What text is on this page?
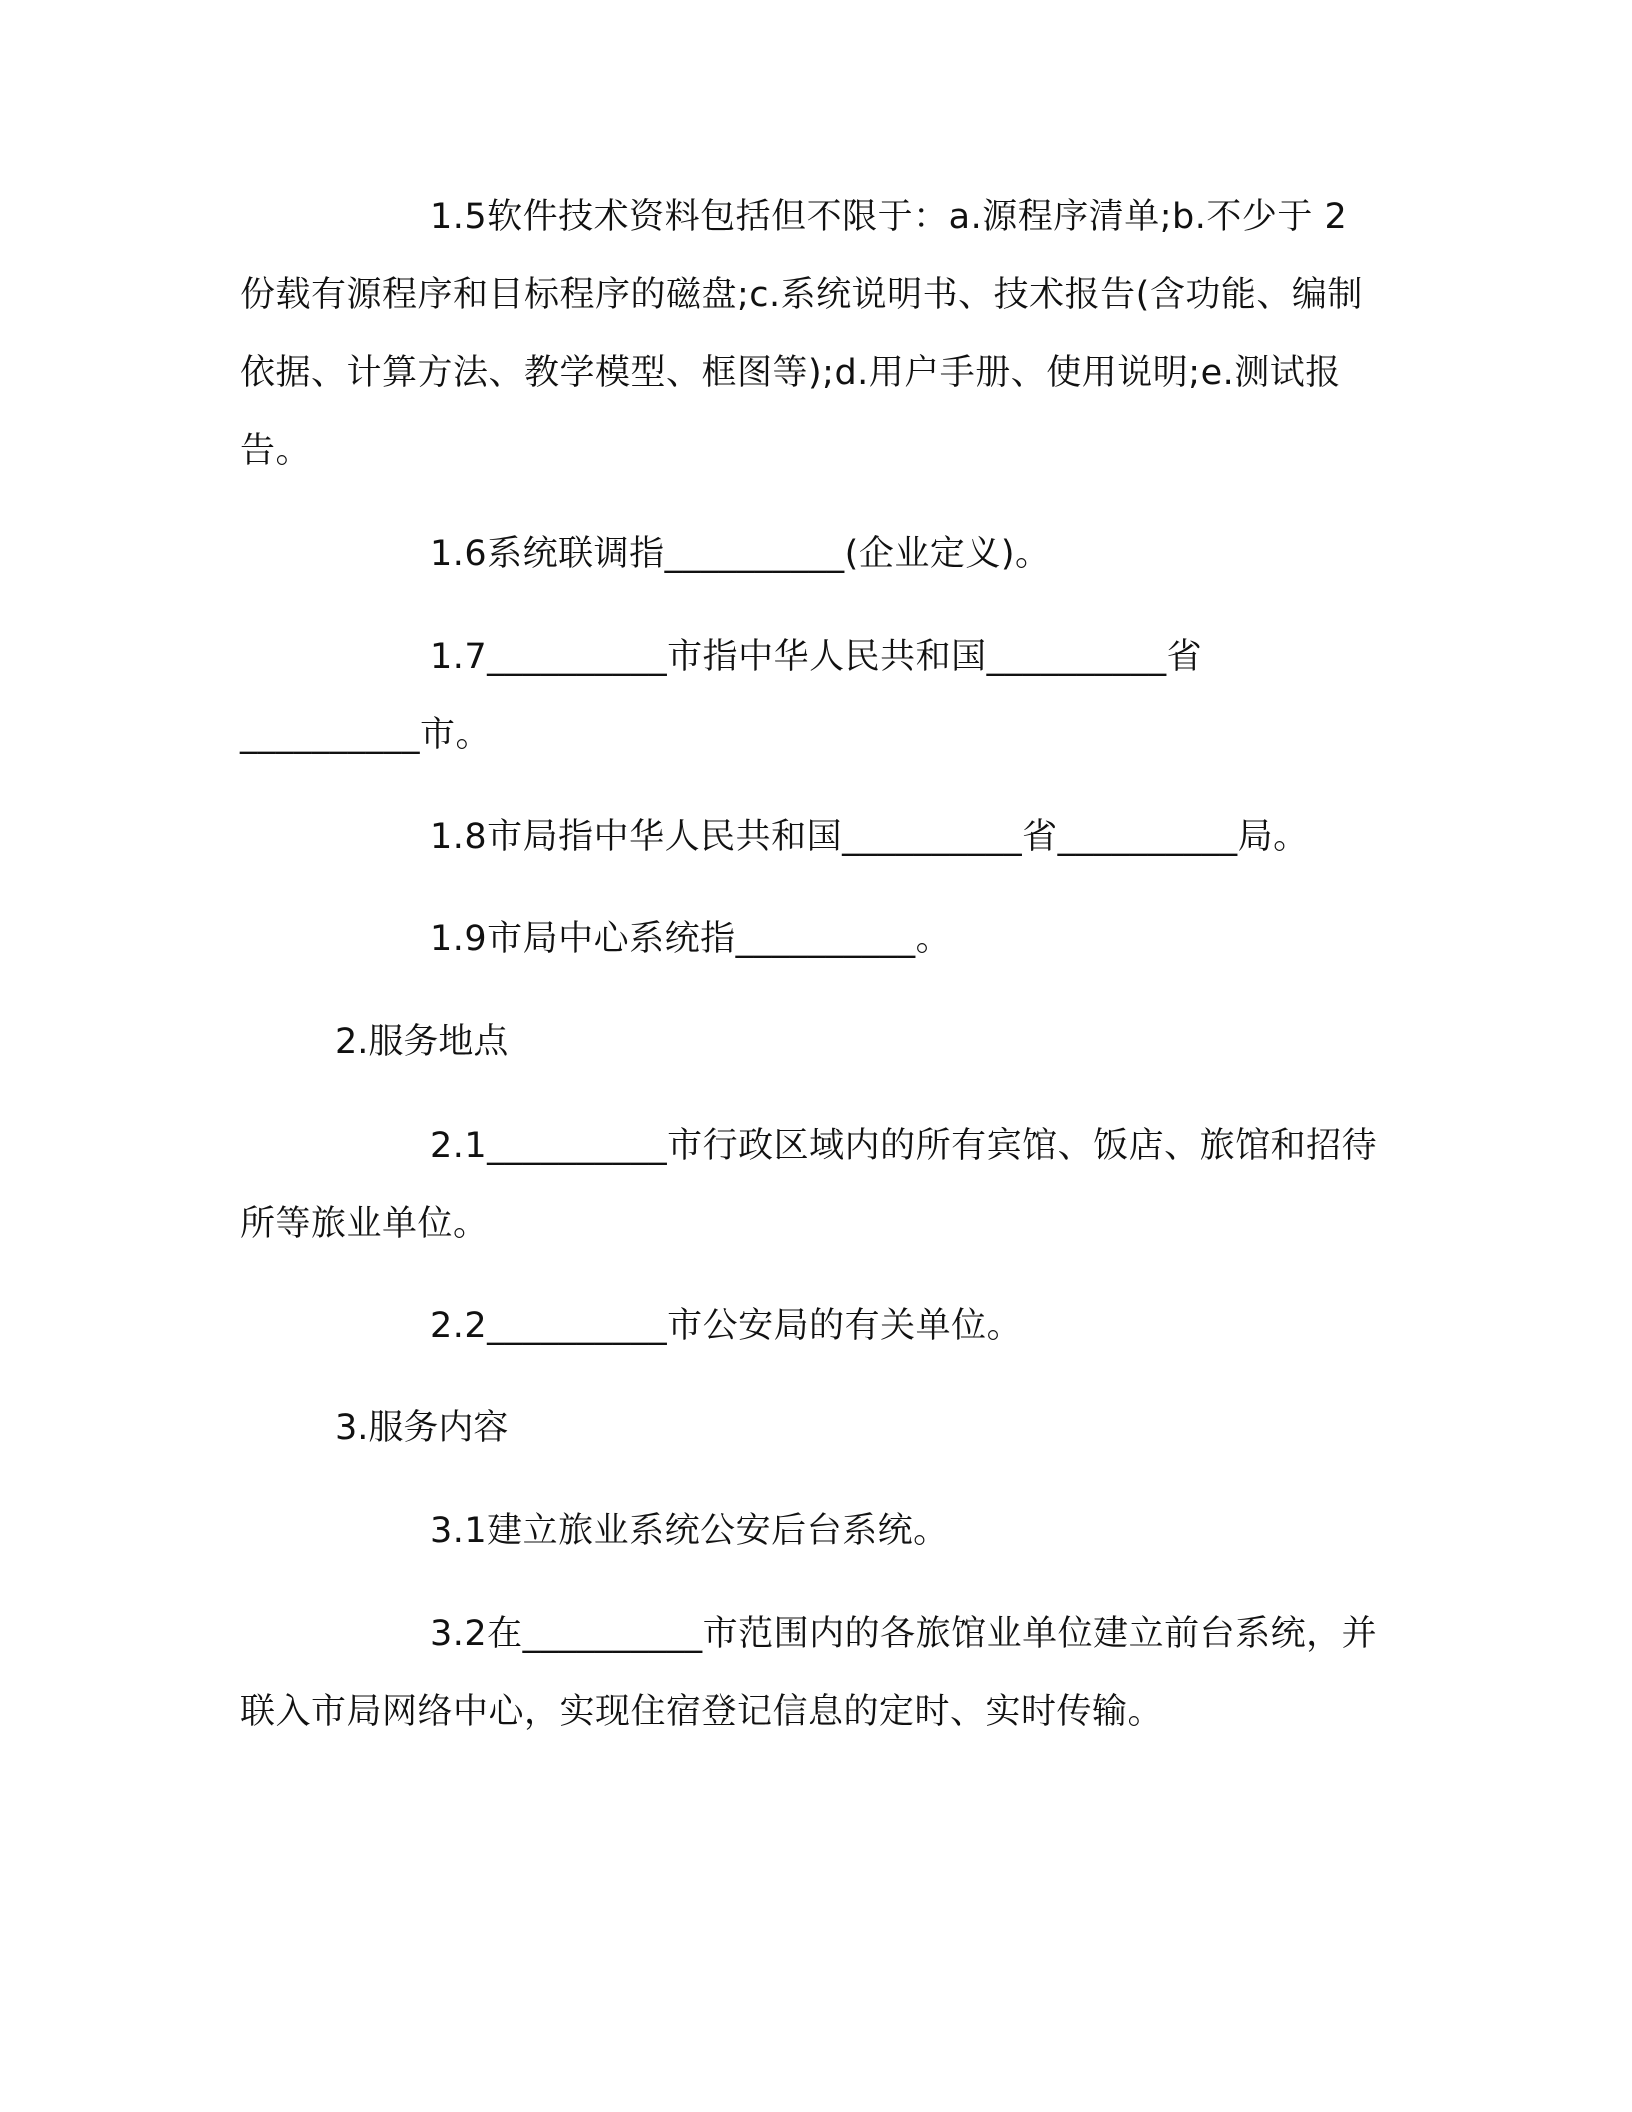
1.5软件技术资料包括但不限于：a.源程序清单;b.不少于 2 份载有源程序和目标程序的磁盘;c.系统说明书、技术报告(含功能、编制依据、计算方法、教学模型、框图等);d.用户手册、使用说明;e.测试报告。

1.6系统联调指__________(企业定义)。

1.7__________市指中华人民共和国__________省__________市。

1.8市局指中华人民共和国__________省__________局。

1.9市局中心系统指__________。

2.服务地点

2.1__________市行政区域内的所有宾馆、饭店、旅馆和招待所等旅业单位。

2.2__________市公安局的有关单位。

3.服务内容

3.1建立旅业系统公安后台系统。

3.2在__________市范围内的各旅馆业单位建立前台系统，并联入市局网络中心，实现住宿登记信息的定时、实时传输。
